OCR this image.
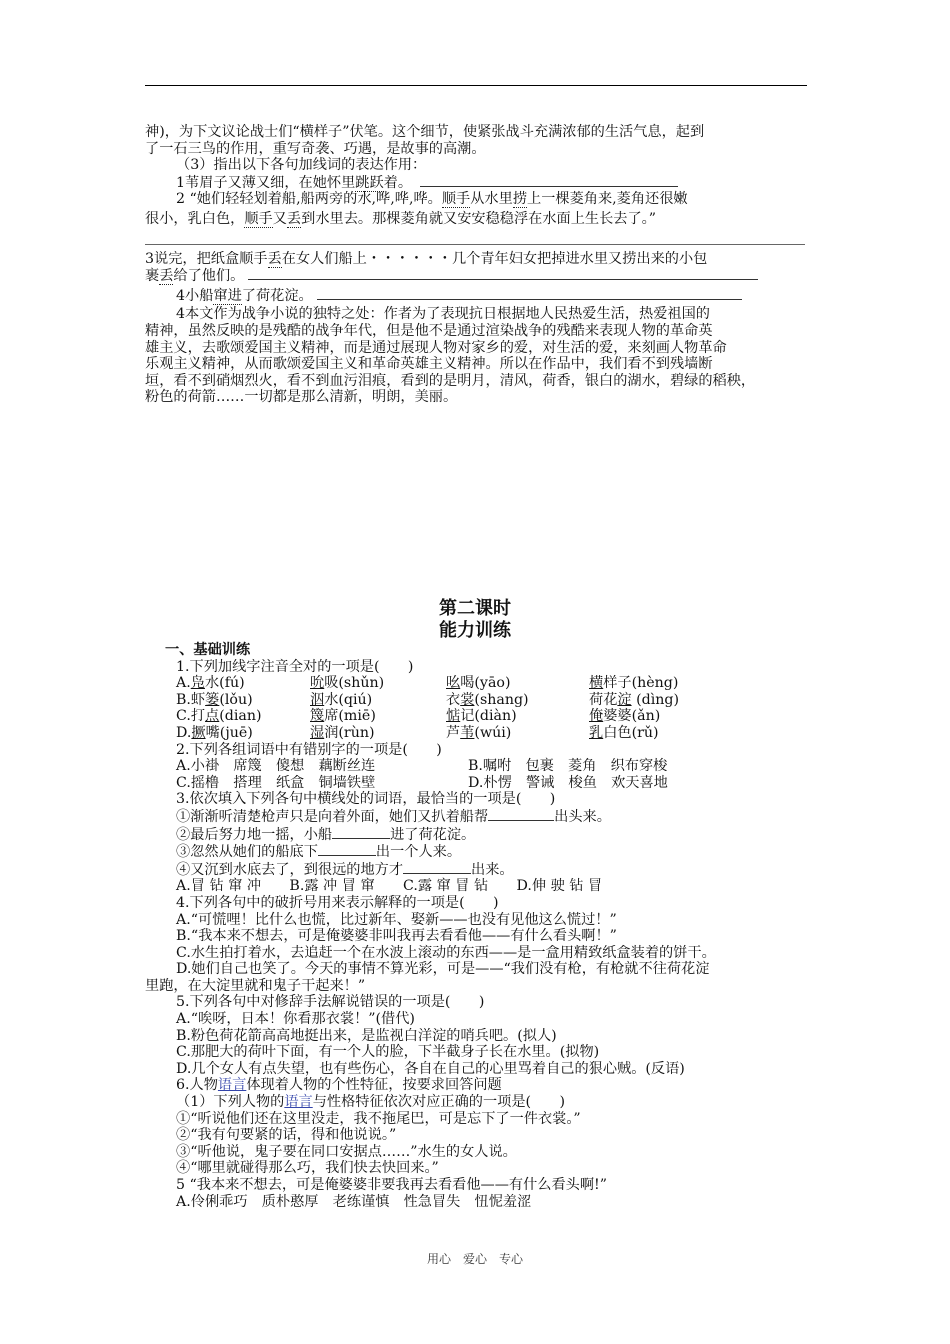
神)，为下文议论战士们“横样子”伏笔。这个细节，使紧张战斗充满浓郁的生活气息，起到
了一石三鸟的作用，重写奇袭、巧遇，是故事的高潮。
（3）指出以下各句加线词的表达作用：
1苇眉子又薄又细，在她怀里跳跃着。
2 “她们轻轻划着船,船两旁的水,哗,哗,哗。顺手从水里捞上一棵菱角来,菱角还很嫩
很小，乳白色，顺手又丢到水里去。那棵菱角就又安安稳稳浮在水面上生长去了。”
3说完，把纸盒顺手丢在女人们船上・・・・・・几个青年妇女把掉进水里又捞出来的小包
裹丢给了他们。
4小船窜进了荷花淀。
4本文作为战争小说的独特之处：作者为了表现抗日根据地人民热爱生活，热爱祖国的
精神，虽然反映的是残酷的战争年代，但是他不是通过渲染战争的残酷来表现人物的革命英
雄主义，去歌颂爱国主义精神，而是通过展现人物对家乡的爱，对生活的爱，来刻画人物革命
乐观主义精神，从而歌颂爱国主义和革命英雄主义精神。所以在作品中，我们看不到残墙断
垣，看不到硝烟烈火，看不到血污泪痕，看到的是明月，清风，荷香，银白的湖水，碧绿的稻秧，
粉色的荷箭……一切都是那么清新，明朗，美丽。
第二课时
能力训练
一、基础训练
1.下列加线字注音全对的一项是(　　)
A.凫水(fú)	吮吸(shǔn)	吆喝(yāo)	横样子(hèng)
B.虾篓(lǒu)	泅水(qiú)	衣裳(shang)	荷花淀 (dìng)
C.打点(dian)	篾席(miē)	惦记(diàn)	俺婆婆(ǎn)
D.撅嘴(juē)	湿润(rùn)	芦苇(wúi)	乳白色(rǔ)
2.下列各组词语中有错别字的一项是(　　)
A.小褂　席篾　傻想　藕断丝连	B.嘱咐　包裹　菱角　织布穿梭
C.摇橹　搭理　纸盒　铜墙铁壁	D.朴愣　警诫　梭鱼　欢天喜地
3.依次填入下列各句中横线处的词语，最恰当的一项是(　　)
①渐渐听清楚枪声只是向着外面，她们又扒着船帮	出头来。
②最后努力地一摇，小船	进了荷花淀。
③忽然从她们的船底下	出一个人来。
④又沉到水底去了，到很远的地方才	出来。
A.冒 钻 窜 冲　　B.露 冲 冒 窜　　C.露 窜 冒 钻　　D.伸 驶 钻 冒
4.下列各句中的破折号用来表示解释的一项是(　　)
A.“可慌哩！比什么也慌，比过新年、娶新——也没有见他这么慌过！”
B.“我本来不想去，可是俺婆婆非叫我再去看看他——有什么看头啊！”
C.水生拍打着水，去追赶一个在水波上滚动的东西——是一盒用精致纸盒装着的饼干。
D.她们自己也笑了。今天的事情不算光彩，可是——“我们没有枪，有枪就不往荷花淀
里跑，在大淀里就和鬼子干起来！”
5.下列各句中对修辞手法解说错误的一项是(　　)
A.“唉呀，日本！你看那衣裳！”(借代)
B.粉色荷花箭高高地挺出来，是监视白洋淀的哨兵吧。(拟人)
C.那肥大的荷叶下面，有一个人的脸，下半截身子长在水里。(拟物)
D.几个女人有点失望，也有些伤心，各自在自己的心里骂着自己的狠心贼。(反语)
6.人物语言体现着人物的个性特征，按要求回答问题
（1）下列人物的语言与性格特征依次对应正确的一项是(　　)
①“听说他们还在这里没走，我不拖尾巴，可是忘下了一件衣裳。”
②“我有句要紧的话，得和他说说。”
③“听他说，鬼子要在同口安据点……”水生的女人说。
④“哪里就碰得那么巧，我们快去快回来。”
5 “我本来不想去，可是俺婆婆非要我再去看看他——有什么看头啊!”
A.伶俐乖巧　质朴憨厚　老练谨慎　性急冒失　忸怩羞涩
用心　爱心　专心
